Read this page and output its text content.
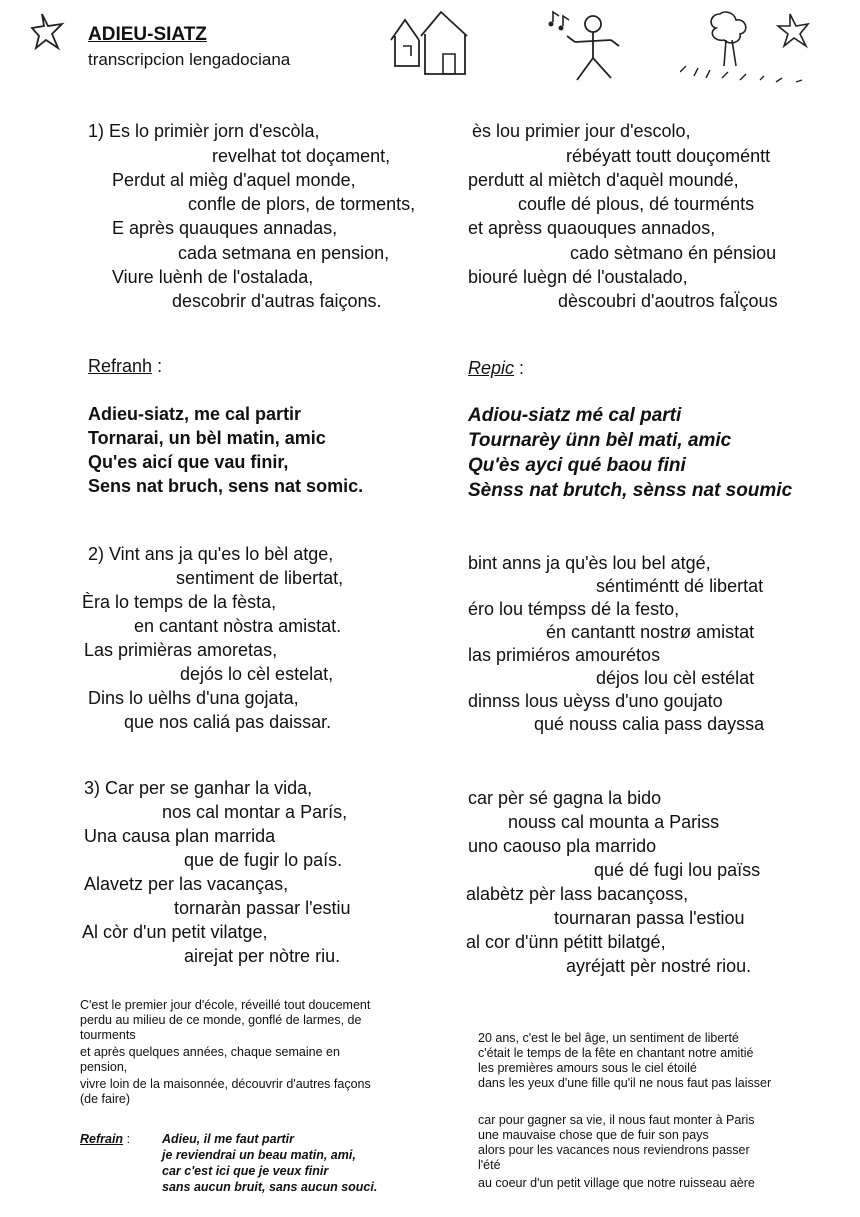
ADIEU-SIATZ
transcripcion lengadociana
1) Es lo primièr jorn d'escòla,
revelhat tot doçament,
Perdut al mièg d'aquel monde,
confle de plors, de torments,
E après quauques annadas,
cada setmana en pension,
Viure luènh de l'ostalada,
descobrir d'autras faiçons.
Refranh :
Adieu-siatz, me cal partir
Tornarai, un bèl matin, amic
Qu'es aicí que vau finir,
Sens nat bruch, sens nat somic.
2) Vint ans ja qu'es lo bèl atge,
sentiment de libertat,
Èra lo temps de la fèsta,
en cantant nòstra amistat.
Las primièras amoretas,
dejós lo cèl estelat,
Dins lo uèlhs d'una gojata,
que nos caliá pas daissar.
3) Car per se ganhar la vida,
nos cal montar a París,
Una causa plan marrida
que de fugir lo país.
Alavetz per las vacanças,
tornaràn passar l'estiu
Al còr d'un petit vilatge,
airejat per nòtre riu.
ès lou primier jour d'escolo,
rébéyatt toutt douçoméntt
perdutt al mièt​ch d'aquèl moundé,
coufle dé plous, dé tourménts
et aprèss quaouques annados,
cado sètmano én pénsiou
biouré luègn dé l'oustalado,
dèscoubri d'aoutros faÏçous
Repic :
Adiou-siatz mé cal parti
Tournarèy ünn bèl mati, amic
Qu'ès ayci qué baou fini
Sènss nat brutch, sènss nat soumic
bint anns ja qu'ès lou bel atgé,
séntiméntt dé libertat
éro lou témpss dé la festo,
én cantantt nostrø amistat
las primiéros amourétos
déjos lou cèl estélat
dinnss lous uèyss d'uno goujato
qué nouss calia pass dayssa
car pèr sé gagna la bido
nouss cal mounta a Pariss
uno caouso pla marrido
qué dé fugi lou païss
alabètz pèr lass bacançoss,
tournaran passa l'estiou
al cor d'ünn pétitt bilatgé,
ayréjatt pèr nostré riou.
C'est le premier jour d'école, réveillé tout doucement
perdu au milieu de ce monde, gonflé de larmes, de
tourments
et après quelques années, chaque semaine en
pension,
vivre loin de la maisonnée, découvrir d'autres façons
(de faire)
Refrain :	Adieu, il me faut partir
je reviendrai un beau matin, ami,
car c'est ici que je veux finir
sans aucun bruit, sans aucun souci.
20 ans, c'est le bel âge, un sentiment de liberté
c'était le temps de la fête en chantant notre amitié
les premières amours sous le ciel étoilé
dans les yeux d'une fille qu'il ne nous faut pas laisser
car pour gagner sa vie, il nous faut monter à Paris
une mauvaise chose que de fuir son pays
alors pour les vacances nous reviendrons passer
l'été
au coeur d'un petit village que notre ruisseau aère
